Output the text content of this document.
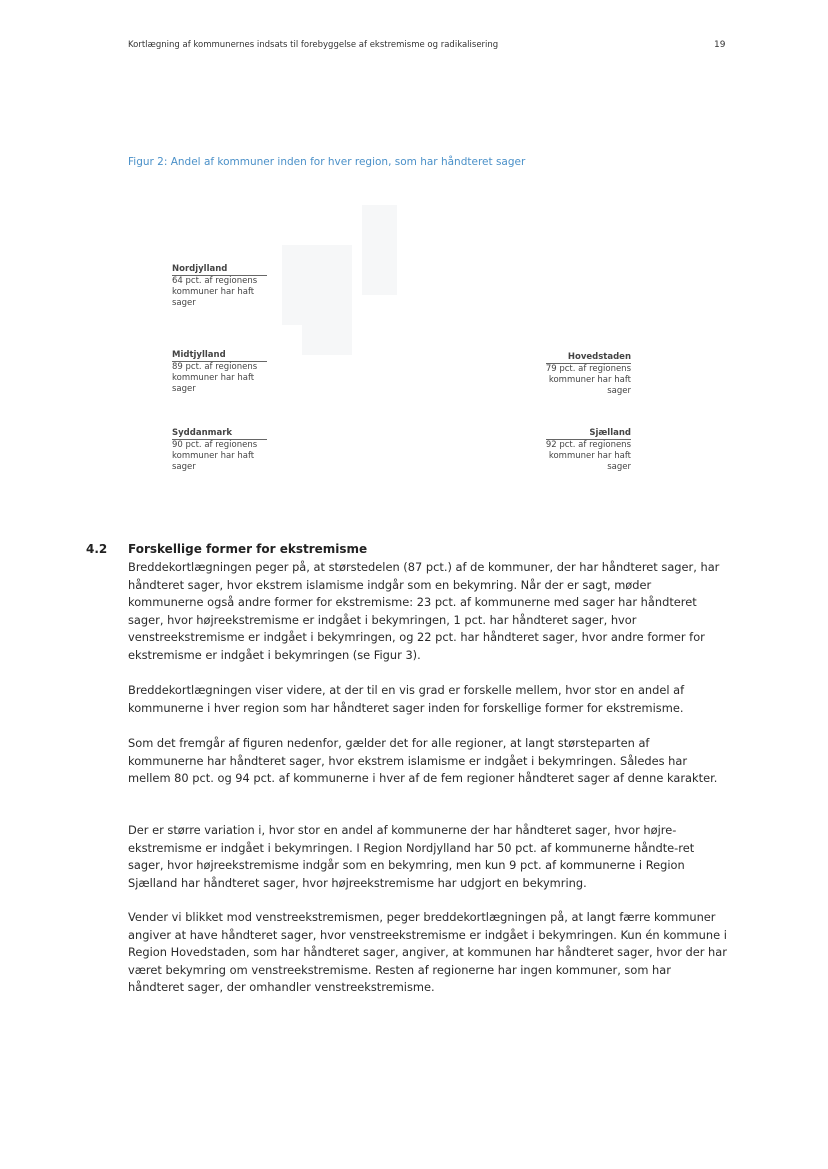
Kortlægning af kommunernes indsats til forebyggelse af ekstremisme og radikalisering	19
Figur 2: Andel af kommuner inden for hver region, som har håndteret sager
Nordjylland
64 pct. af regionens
kommuner har haft
sager
Midtjylland
89 pct. af regionens
kommuner har haft
sager
Syddanmark
90 pct. af regionens
kommuner har haft
sager
Hovedstaden
79 pct. af regionens
kommuner har haft
sager
Sjælland
92 pct. af regionens
kommuner har haft
sager
4.2 Forskellige former for ekstremisme

Breddekortlægningen peger på, at størstedelen (87 pct.) af de kommuner, der har håndteret sager, har håndteret sager, hvor ekstrem islamisme indgår som en bekymring. Når der er sagt, møder kommunerne også andre former for ekstremisme: 23 pct. af kommunerne med sager har håndteret sager, hvor højreekstremisme er indgået i bekymringen, 1 pct. har håndteret sager, hvor venstreekstremisme er indgået i bekymringen, og 22 pct. har håndteret sager, hvor andre former for ekstremisme er indgået i bekymringen (se Figur 3).

Breddekortlægningen viser videre, at der til en vis grad er forskelle mellem, hvor stor en andel af kommunerne i hver region som har håndteret sager inden for forskellige former for ekstremisme.

Som det fremgår af figuren nedenfor, gælder det for alle regioner, at langt størsteparten af kommunerne har håndteret sager, hvor ekstrem islamisme er indgået i bekymringen. Således har mellem 80 pct. og 94 pct. af kommunerne i hver af de fem regioner håndteret sager af denne karakter.

Der er større variation i, hvor stor en andel af kommunerne der har håndteret sager, hvor højre-ekstremisme er indgået i bekymringen. I Region Nordjylland har 50 pct. af kommunerne håndte-ret sager, hvor højreekstremisme indgår som en bekymring, men kun 9 pct. af kommunerne i Region Sjælland har håndteret sager, hvor højreekstremisme har udgjort en bekymring.

Vender vi blikket mod venstreekstremismen, peger breddekortlægningen på, at langt færre kommuner angiver at have håndteret sager, hvor venstreekstremisme er indgået i bekymringen. Kun én kommune i Region Hovedstaden, som har håndteret sager, angiver, at kommunen har håndteret sager, hvor der har været bekymring om venstreekstremisme. Resten af regionerne har ingen kommuner, som har håndteret sager, der omhandler venstreekstremisme.
